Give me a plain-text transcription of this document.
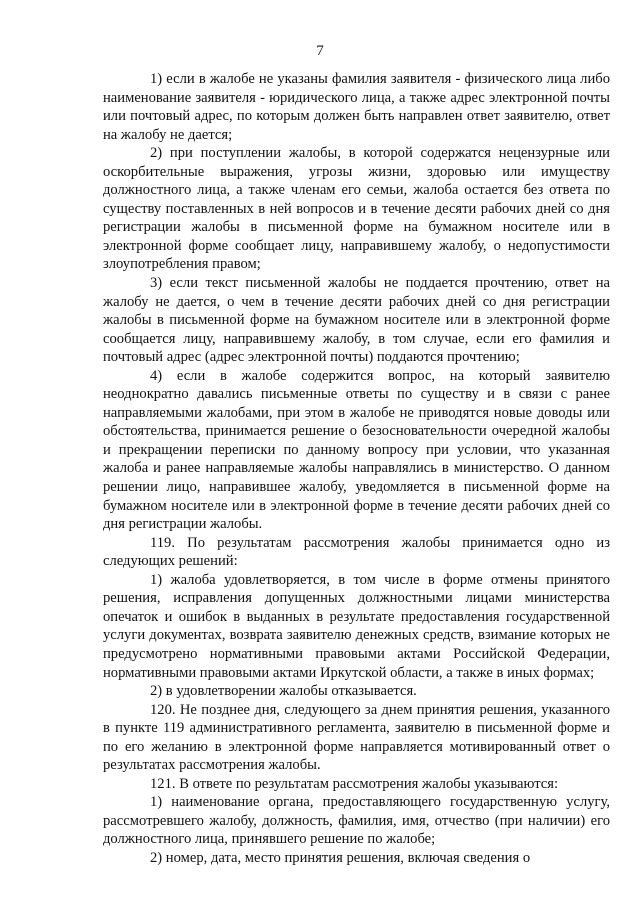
7

1) если в жалобе не указаны фамилия заявителя - физического лица либо наименование заявителя - юридического лица, а также адрес электронной почты или почтовый адрес, по которым должен быть направлен ответ заявителю, ответ на жалобу не дается;

2) при поступлении жалобы, в которой содержатся нецензурные или оскорбительные выражения, угрозы жизни, здоровью или имуществу должностного лица, а также членам его семьи, жалоба остается без ответа по существу поставленных в ней вопросов и в течение десяти рабочих дней со дня регистрации жалобы в письменной форме на бумажном носителе или в электронной форме сообщает лицу, направившему жалобу, о недопустимости злоупотребления правом;

3) если текст письменной жалобы не поддается прочтению, ответ на жалобу не дается, о чем в течение десяти рабочих дней со дня регистрации жалобы в письменной форме на бумажном носителе или в электронной форме сообщается лицу, направившему жалобу, в том случае, если его фамилия и почтовый адрес (адрес электронной почты) поддаются прочтению;

4) если в жалобе содержится вопрос, на который заявителю неоднократно давались письменные ответы по существу и в связи с ранее направляемыми жалобами, при этом в жалобе не приводятся новые доводы или обстоятельства, принимается решение о безосновательности очередной жалобы и прекращении переписки по данному вопросу при условии, что указанная жалоба и ранее направляемые жалобы направлялись в министерство. О данном решении лицо, направившее жалобу, уведомляется в письменной форме на бумажном носителе или в электронной форме в течение десяти рабочих дней со дня регистрации жалобы.

119. По результатам рассмотрения жалобы принимается одно из следующих решений:

1) жалоба удовлетворяется, в том числе в форме отмены принятого решения, исправления допущенных должностными лицами министерства опечаток и ошибок в выданных в результате предоставления государственной услуги документах, возврата заявителю денежных средств, взимание которых не предусмотрено нормативными правовыми актами Российской Федерации, нормативными правовыми актами Иркутской области, а также в иных формах;

2) в удовлетворении жалобы отказывается.

120. Не позднее дня, следующего за днем принятия решения, указанного в пункте 119 административного регламента, заявителю в письменной форме и по его желанию в электронной форме направляется мотивированный ответ о результатах рассмотрения жалобы.

121. В ответе по результатам рассмотрения жалобы указываются:

1) наименование органа, предоставляющего государственную услугу, рассмотревшего жалобу, должность, фамилия, имя, отчество (при наличии) его должностного лица, принявшего решение по жалобе;

2) номер, дата, место принятия решения, включая сведения о
